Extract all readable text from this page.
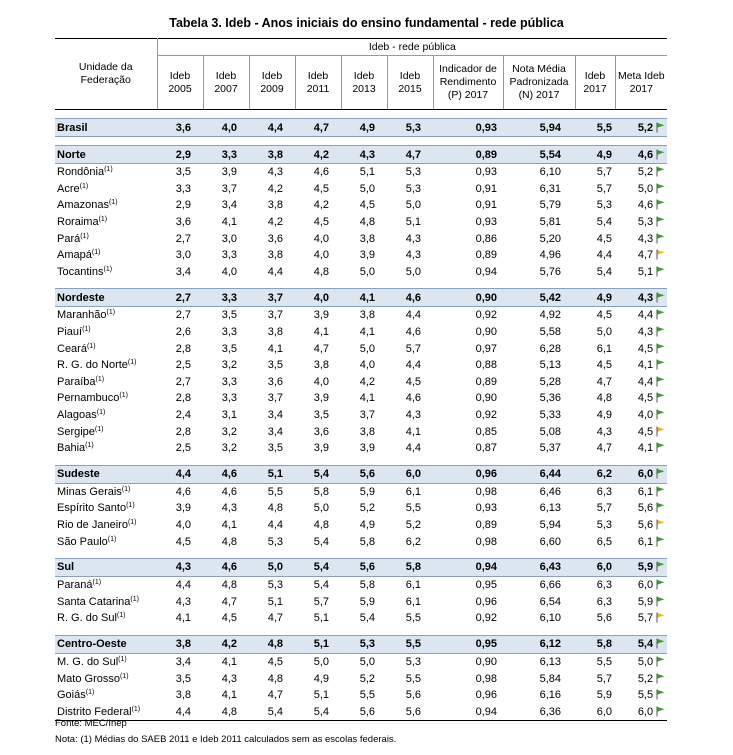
Tabela 3. Ideb - Anos iniciais do ensino fundamental - rede pública
Unidade da Federação	Ideb - rede pública									
	Ideb 2005	Ideb 2007	Ideb 2009	Ideb 2011	Ideb 2013	Ideb 2015	Indicador de Rendimento (P) 2017	Nota Média Padronizada (N) 2017	Ideb 2017	Meta Ideb 2017

Brasil	3,6	4,0	4,4	4,7	4,9	5,3	0,93	5,94	5,5	5,2

Norte	2,9	3,3	3,8	4,2	4,3	4,7	0,89	5,54	4,9	4,6
Rondônia$^{(1)}$	3,5	3,9	4,3	4,6	5,1	5,3	0,93	6,10	5,7	5,2
Acre$^{(1)}$	3,3	3,7	4,2	4,5	5,0	5,3	0,91	6,31	5,7	5,0
Amazonas$^{(1)}$	2,9	3,4	3,8	4,2	4,5	5,0	0,91	5,79	5,3	4,6
Roraima$^{(1)}$	3,6	4,1	4,2	4,5	4,8	5,1	0,93	5,81	5,4	5,3
Pará$^{(1)}$	2,7	3,0	3,6	4,0	3,8	4,3	0,86	5,20	4,5	4,3
Amapá$^{(1)}$	3,0	3,3	3,8	4,0	3,9	4,3	0,89	4,96	4,4	4,7
Tocantins$^{(1)}$	3,4	4,0	4,4	4,8	5,0	5,0	0,94	5,76	5,4	5,1

Nordeste	2,7	3,3	3,7	4,0	4,1	4,6	0,90	5,42	4,9	4,3
Maranhão$^{(1)}$	2,7	3,5	3,7	3,9	3,8	4,4	0,92	4,92	4,5	4,4
Piauí$^{(1)}$	2,6	3,3	3,8	4,1	4,1	4,6	0,90	5,58	5,0	4,3
Ceará$^{(1)}$	2,8	3,5	4,1	4,7	5,0	5,7	0,97	6,28	6,1	4,5
R. G. do Norte$^{(1)}$	2,5	3,2	3,5	3,8	4,0	4,4	0,88	5,13	4,5	4,1
Paraíba$^{(1)}$	2,7	3,3	3,6	4,0	4,2	4,5	0,89	5,28	4,7	4,4
Pernambuco$^{(1)}$	2,8	3,3	3,7	3,9	4,1	4,6	0,90	5,36	4,8	4,5
Alagoas$^{(1)}$	2,4	3,1	3,4	3,5	3,7	4,3	0,92	5,33	4,9	4,0
Sergipe$^{(1)}$	2,8	3,2	3,4	3,6	3,8	4,1	0,85	5,08	4,3	4,5
Bahia$^{(1)}$	2,5	3,2	3,5	3,9	3,9	4,4	0,87	5,37	4,7	4,1

Sudeste	4,4	4,6	5,1	5,4	5,6	6,0	0,96	6,44	6,2	6,0
Minas Gerais$^{(1)}$	4,6	4,6	5,5	5,8	5,9	6,1	0,98	6,46	6,3	6,1
Espírito Santo$^{(1)}$	3,9	4,3	4,8	5,0	5,2	5,5	0,93	6,13	5,7	5,6
Rio de Janeiro$^{(1)}$	4,0	4,1	4,4	4,8	4,9	5,2	0,89	5,94	5,3	5,6
São Paulo$^{(1)}$	4,5	4,8	5,3	5,4	5,8	6,2	0,98	6,60	6,5	6,1

Sul	4,3	4,6	5,0	5,4	5,6	5,8	0,94	6,43	6,0	5,9
Paraná$^{(1)}$	4,4	4,8	5,3	5,4	5,8	6,1	0,95	6,66	6,3	6,0
Santa Catarina$^{(1)}$	4,3	4,7	5,1	5,7	5,9	6,1	0,96	6,54	6,3	5,9
R. G. do Sul$^{(1)}$	4,1	4,5	4,7	5,1	5,4	5,5	0,92	6,10	5,6	5,7

Centro-Oeste	3,8	4,2	4,8	5,1	5,3	5,5	0,95	6,12	5,8	5,4
M. G. do Sul$^{(1)}$	3,4	4,1	4,5	5,0	5,0	5,3	0,90	6,13	5,5	5,0
Mato Grosso$^{(1)}$	3,5	4,3	4,8	4,9	5,2	5,5	0,98	5,84	5,7	5,2
Goiás$^{(1)}$	3,8	4,1	4,7	5,1	5,5	5,6	0,96	6,16	5,9	5,5
Distrito Federal$^{(1)}$	4,4	4,8	5,4	5,4	5,6	5,6	0,94	6,36	6,0	6,0
Fonte: MEC/Inep
Nota: (1) Médias do SAEB 2011 e Ideb 2011 calculados sem as escolas federais.
